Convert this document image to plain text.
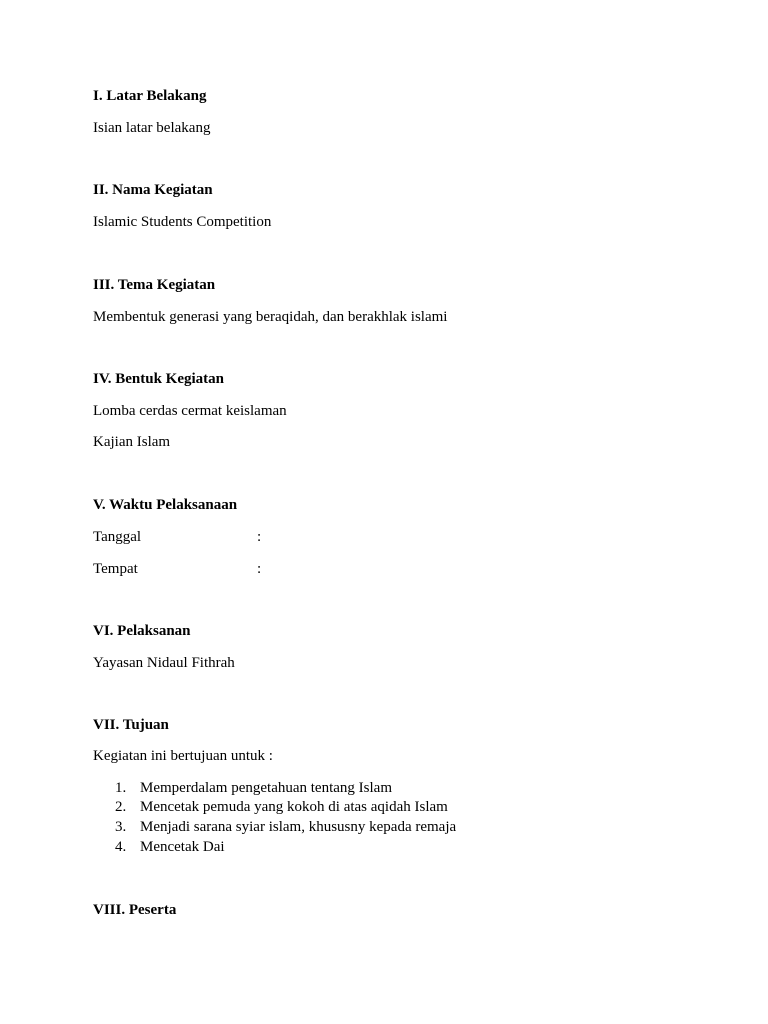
I. Latar Belakang
Isian latar belakang
II. Nama Kegiatan
Islamic Students Competition
III. Tema Kegiatan
Membentuk generasi yang beraqidah, dan berakhlak islami
IV. Bentuk Kegiatan
Lomba cerdas cermat keislaman
Kajian Islam
V. Waktu Pelaksanaan
Tanggal	:
Tempat	:
VI. Pelaksanan
Yayasan Nidaul Fithrah
VII. Tujuan
Kegiatan ini bertujuan untuk :
1. Memperdalam pengetahuan tentang Islam
2. Mencetak pemuda yang kokoh di atas aqidah Islam
3. Menjadi sarana syiar islam, khususny kepada remaja
4. Mencetak Dai
VIII. Peserta
